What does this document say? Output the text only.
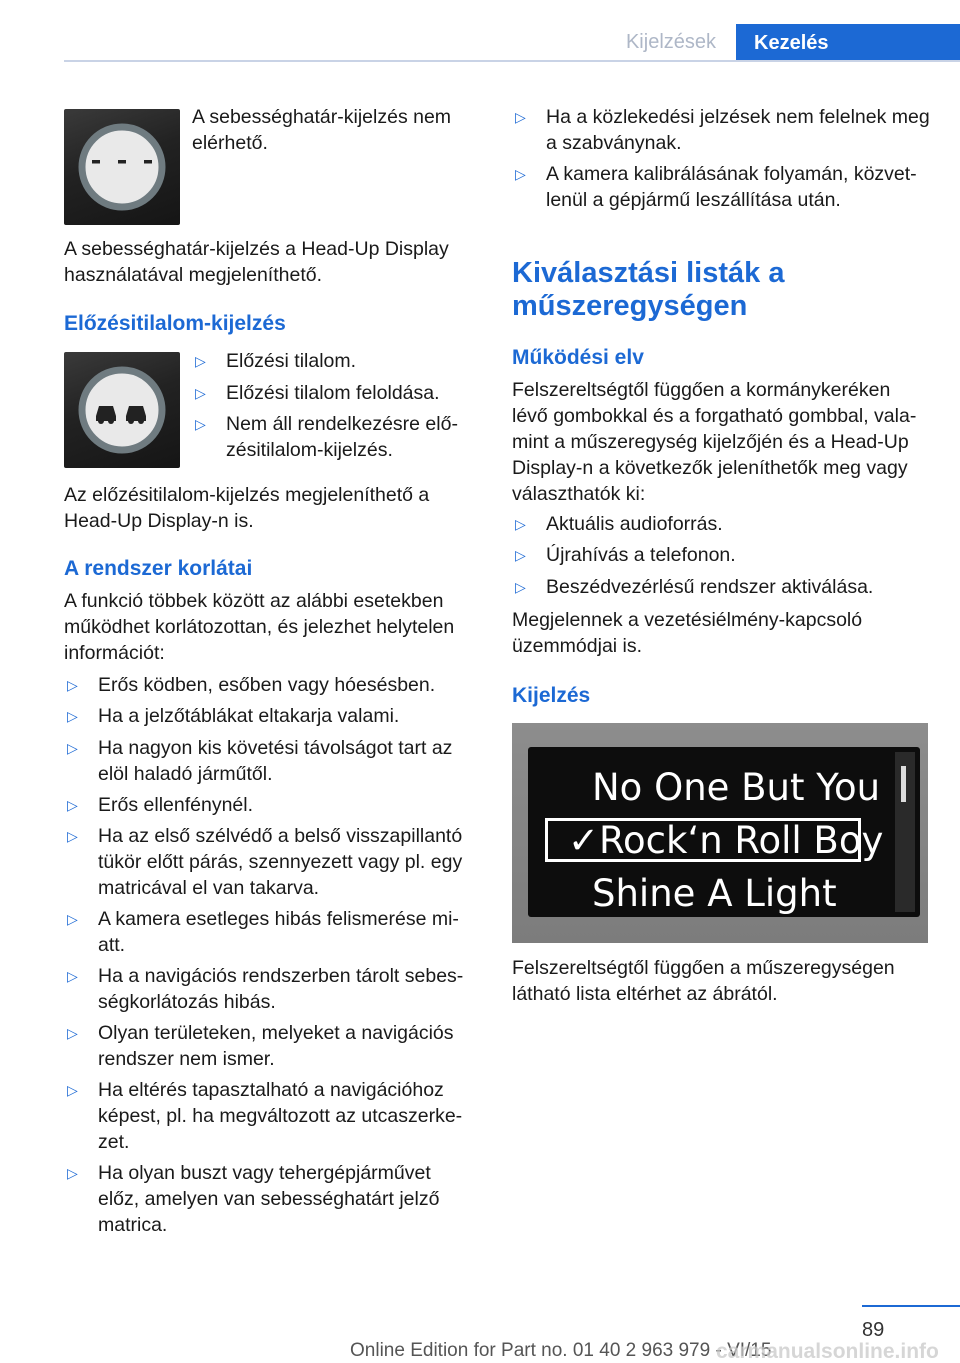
Kijelzések	Kezelés

A sebességhatár-kijelzés nem elérhető.

A sebességhatár-kijelzés a Head-Up Display használatával megjeleníthető.

Előzésitilalom-kijelzés

▷ Előzési tilalom.

▷ Előzési tilalom feloldása.

▷ Nem áll rendelkezésre elő-zésitilalom-kijelzés.

Az előzésitilalom-kijelzés megjeleníthető a Head-Up Display-n is.

A rendszer korlátai

A funkció többek között az alábbi esetekben működhet korlátozottan, és jelezhet helytelen információt:

▷ Erős ködben, esőben vagy hóesésben.

▷ Ha a jelzőtáblákat eltakarja valami.

▷ Ha nagyon kis követési távolságot tart az elöl haladó járműtől.

▷ Erős ellenfénynél.

▷ Ha az első szélvédő a belső visszapillantó tükör előtt párás, szennyezett vagy pl. egy matricával el van takarva.

▷ A kamera esetleges hibás felismerése mi-att.

▷ Ha a navigációs rendszerben tárolt sebes-ségkorlátozás hibás.

▷ Olyan területeken, melyeket a navigációs rendszer nem ismer.

▷ Ha eltérés tapasztalható a navigációhoz képest, pl. ha megváltozott az utcaszerke-zet.

▷ Ha olyan buszt vagy tehergépjárművet előz, amelyen van sebességhatárt jelző matrica.

▷ Ha a közlekedési jelzések nem felelnek meg a szabványnak.

▷ A kamera kalibrálásának folyamán, közvet-lenül a gépjármű leszállítása után.

Kiválasztási listák a műszeregységen
Működési elv

Felszereltségtől függően a kormánykeréken lévő gombokkal és a forgatható gombbal, vala-mint a műszeregység kijelzőjén és a Head-Up Display-n a következők jeleníthetők meg vagy választhatók ki:

▷ Aktuális audioforrás.

▷ Újrahívás a telefonon.

▷ Beszédvezérlésű rendszer aktiválása.

Megjelennek a vezetésiélmény-kapcsoló üzemmódjai is.

Kijelzés

Felszereltségtől függően a műszeregységen látható lista eltérhet az ábrától.

No One But You
✓Rock‘n Roll Boy
Shine A Light
89
Online Edition for Part no. 01 40 2 963 979 - VI/15
carmanualsonline.info
